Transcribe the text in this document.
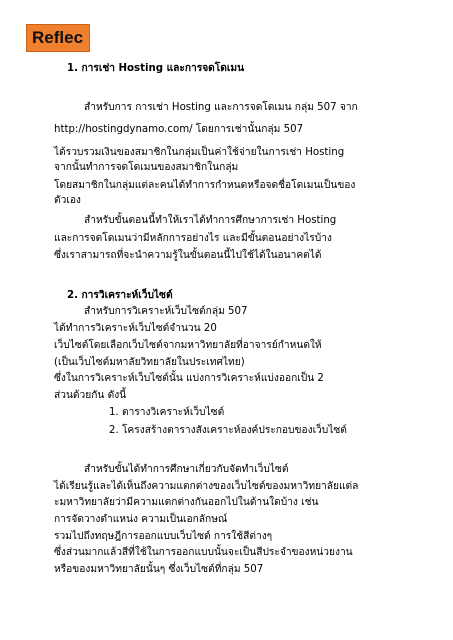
Reflec
1. การเช่า Hosting และการจดโดเมน
สำหรับการ การเช่า Hosting และการจดโดเมน กลุ่ม 507 จาก
http://hostingdynamo.com/ โดยการเช่านั้นกลุ่ม 507
ได้รวบรวมเงินของสมาชิกในกลุ่มเป็นค่าใช้จ่ายในการเช่า Hosting
จากนั้นทำการจดโดเมนของสมาชิกในกลุ่ม
โดยสมาชิกในกลุ่มแต่ละคนได้ทำการกำหนดหรือจดชื่อโดเมนเป็นของ
ตัวเอง
สำหรับขั้นตอนนี้ทำให้เราได้ทำการศึกษาการเช่า Hosting
และการจดโดเมนว่ามีหลักการอย่างไร และมีขั้นตอนอย่างไรบ้าง
ซึ่งเราสามารถที่จะนำความรู้ในขั้นตอนนี้ไปใช้ได้ในอนาคตได้
2. การวิเคราะห์เว็บไซต์
สำหรับการวิเคราะห์เว็บไซต์กลุ่ม 507
ได้ทำการวิเคราะห์เว็บไซต์จำนวน 20
เว็บไซต์โดยเลือกเว็บไซต์จากมหาวิทยาลัยที่อาจารย์กำหนดให้
(เป็นเว็บไซต์มหาลัยวิทยาลัยในประเทศไทย)
ซึ่งในการวิเคราะห์เว็บไซต์นั้น แบ่งการวิเคราะห์แบ่งออกเป็น 2
ส่วนด้วยกัน ดังนี้
1. ตารางวิเคราะห์เว็บไซต์
2. โครงสร้างตารางสังเคราะห์องค์ประกอบของเว็บไซต์
สำหรับขั้นได้ทำการศึกษาเกี่ยวกับจัดทำเว็บไซต์
ได้เรียนรู้และได้เห็นถึงความแตกต่างของเว็บไซต์ของมหาวิทยาลัยแต่ล
ะมหาวิทยาลัยว่ามีความแตกต่างกันออกไปในด้านใดบ้าง เช่น
การจัดวางตำแหน่ง ความเป็นเอกลักษณ์
รวมไปถึงทฤษฎีการออกแบบเว็บไซต์ การใช้สีต่างๆ
ซึ่งส่วนมากแล้วสีที่ใช้ในการออกแบบนั้นจะเป็นสีประจำของหน่วยงาน
หรือของมหาวิทยาลัยนั้นๆ ซึ่งเว็บไซต์ที่กลุ่ม 507
